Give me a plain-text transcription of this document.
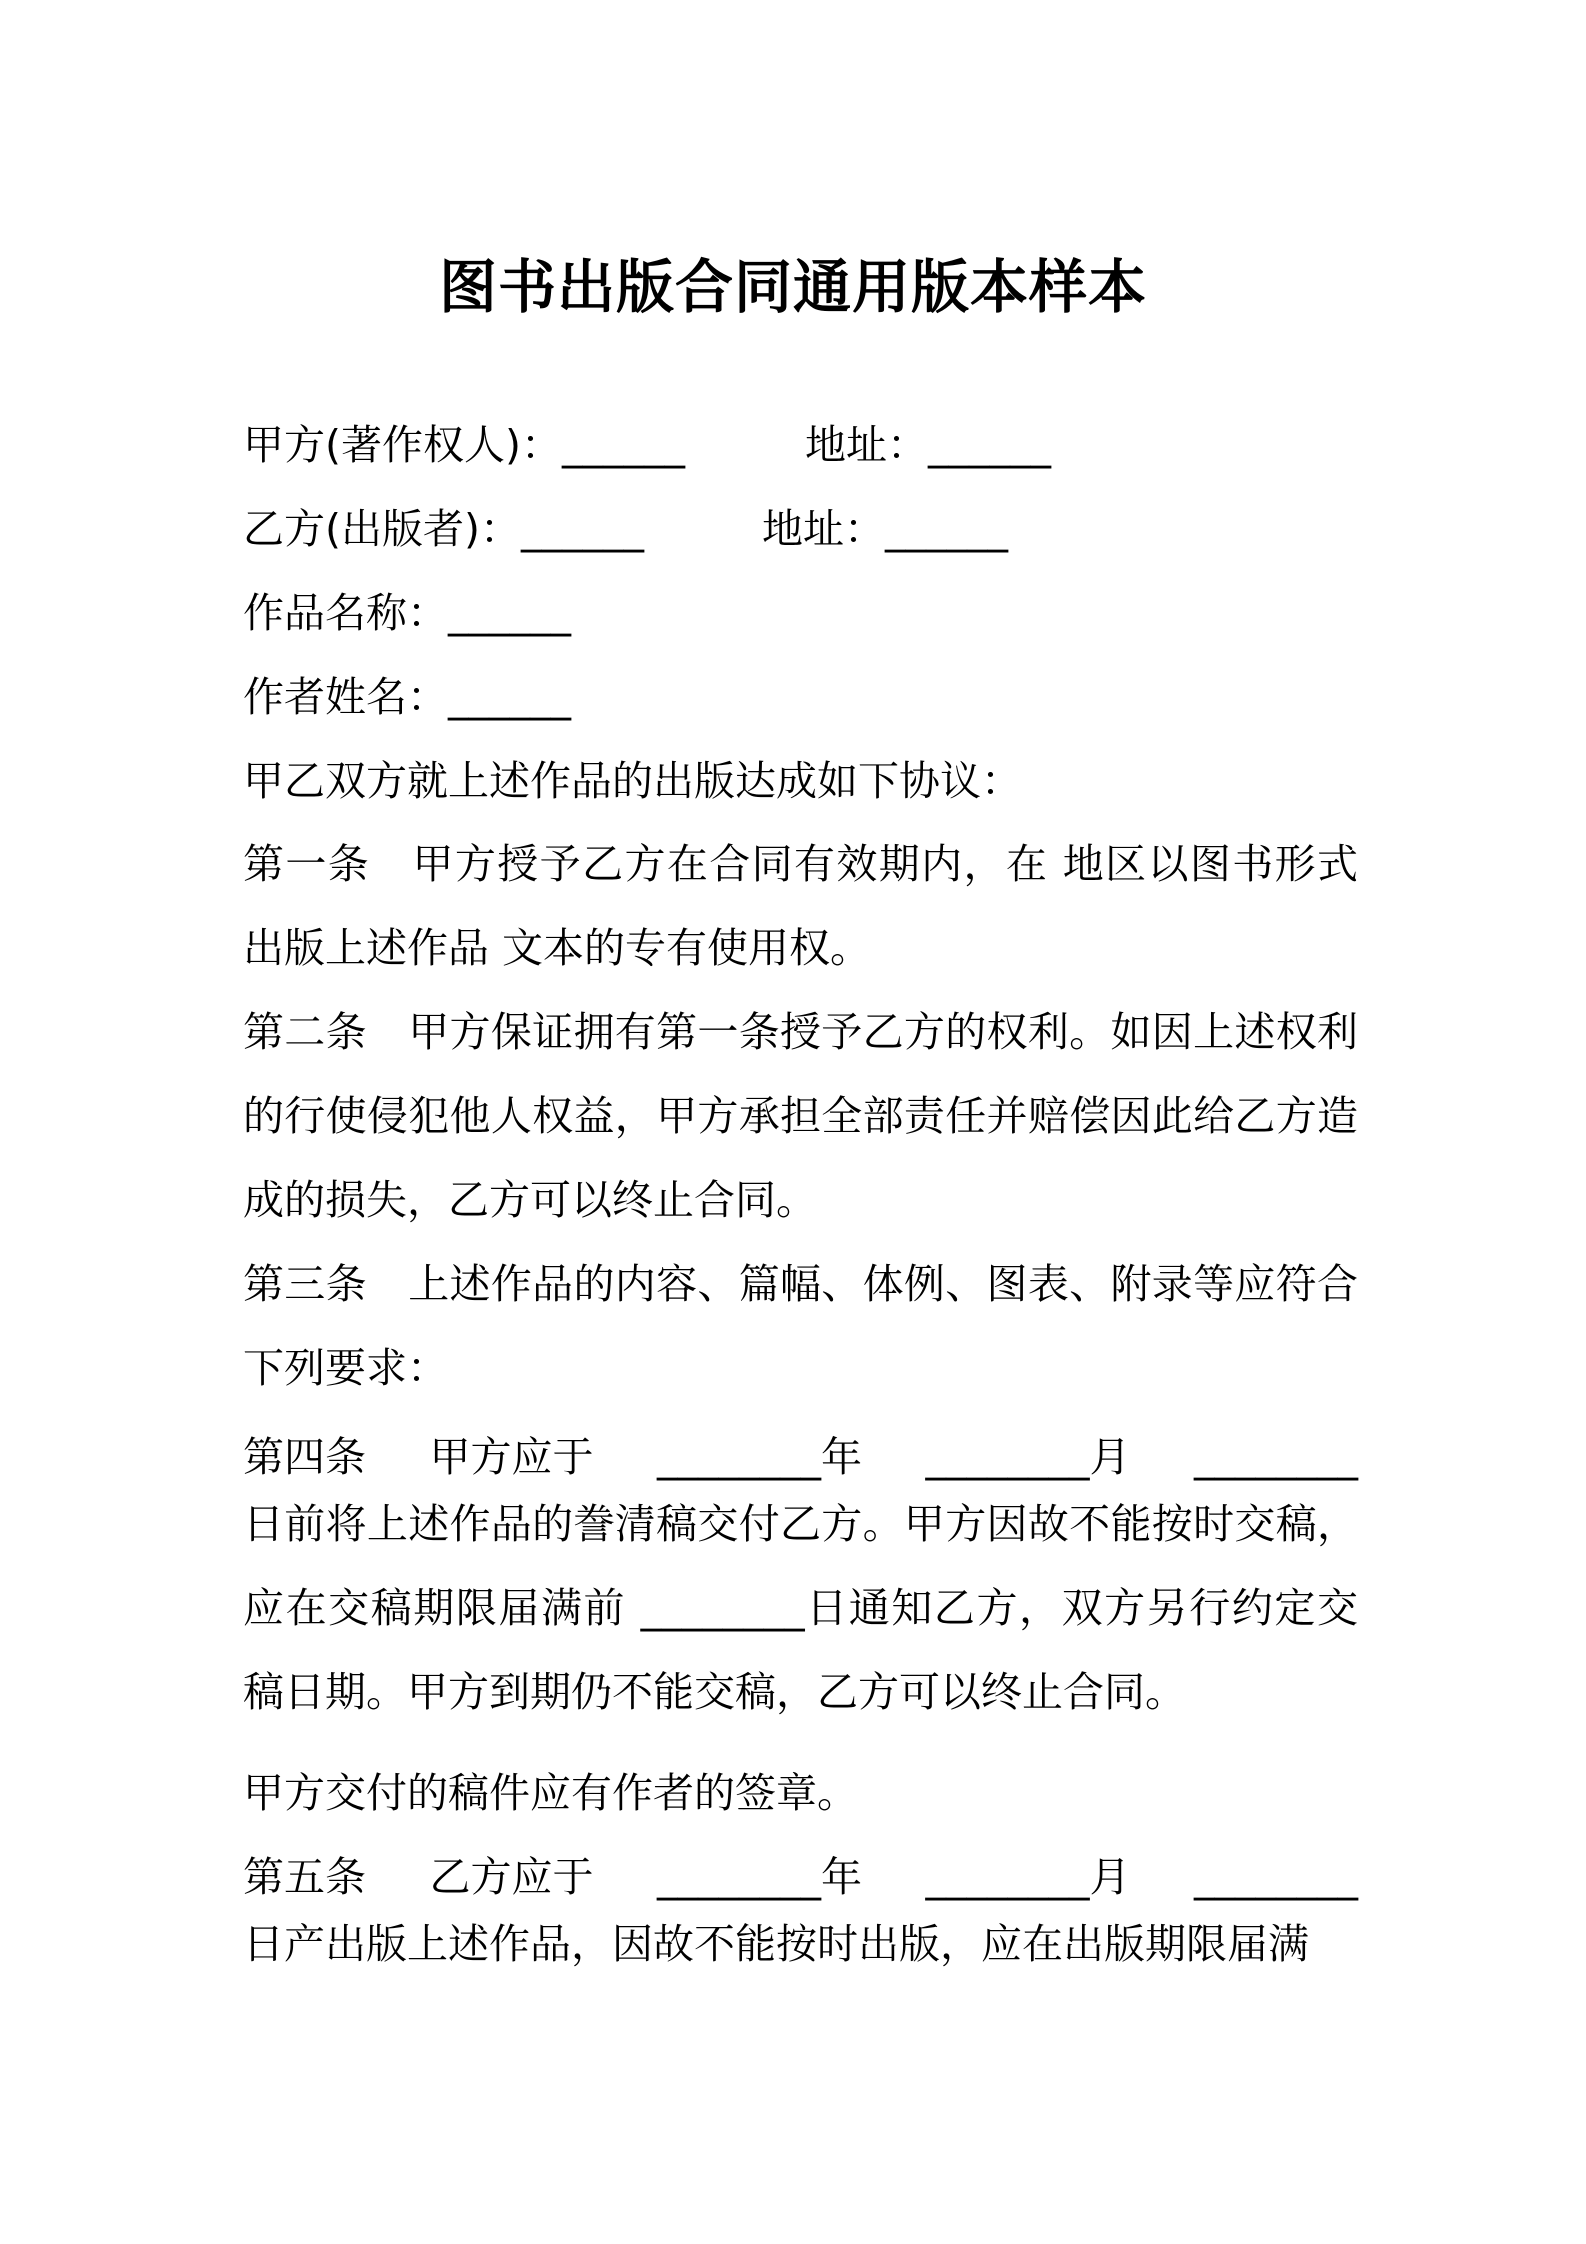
图书出版合同通用版本样本
甲方(著作权人)：______	地址：______
乙方(出版者)：______	地址：______
作品名称：______
作者姓名：______
甲乙双方就上述作品的出版达成如下协议：
第一条　甲方授予乙方在合同有效期内，在 地区以图书形式出版上述作品 文本的专有使用权。
第二条　甲方保证拥有第一条授予乙方的权利。如因上述权利的行使侵犯他人权益，甲方承担全部责任并赔偿因此给乙方造成的损失，乙方可以终止合同。
第三条　上述作品的内容、篇幅、体例、图表、附录等应符合下列要求：
第四条 甲方应于 ________年 ________月 ________
日前将上述作品的誊清稿交付乙方。甲方因故不能按时交稿，应在交稿期限届满前 ________日通知乙方，双方另行约定交稿日期。甲方到期仍不能交稿，乙方可以终止合同。
甲方交付的稿件应有作者的签章。
第五条 乙方应于 ________年 ________月 ________
日产出版上述作品，因故不能按时出版，应在出版期限届满
